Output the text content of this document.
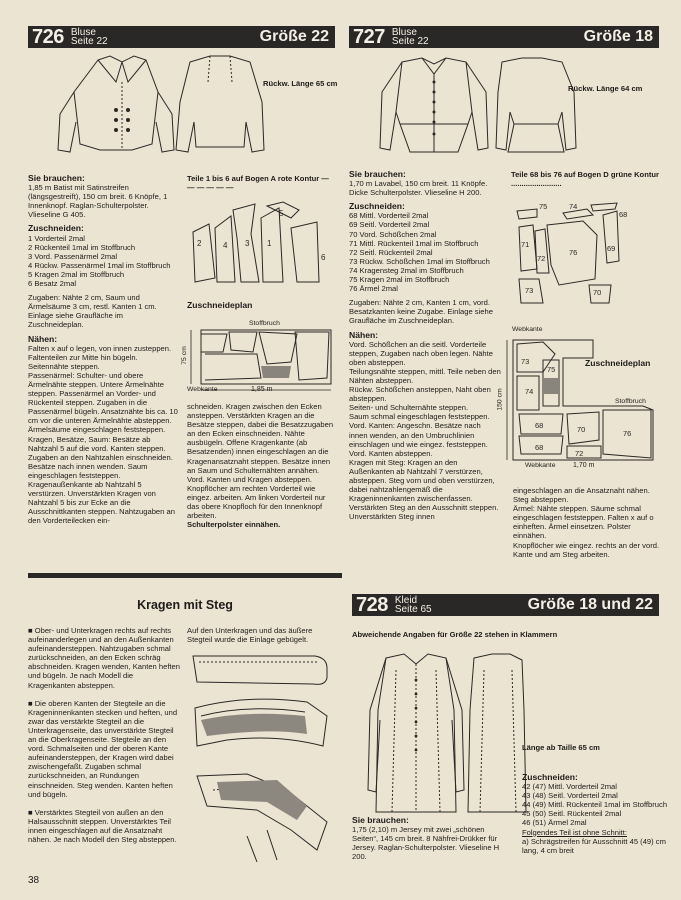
726 Bluse
Seite 22	Größe 22
Rückw. Länge 65 cm

Sie brauchen:

1,85 m Batist mit Satinstreifen (längsgestreift), 150 cm breit. 6 Knöpfe, 1 Innenknopf. Raglan-Schulterpolster. Vlieseline G 405.

Zuschneiden:

1 Vorderteil 2mal

2 Rückenteil 1mal im Stoffbruch

3 Vord. Passenärmel 2mal

4 Rückw. Passenärmel 1mal im Stoffbruch

5 Kragen 2mal im Stoffbruch

6 Besatz 2mal

Zugaben: Nähte 2 cm, Saum und Ärmelsäume 3 cm, restl. Kanten 1 cm. Einlage siehe Graufläche im Zuschneideplan.

Nähen:

Falten x auf o legen, von innen zusteppen. Faltenteilen zur Mitte hin bügeln.

Seitennähte steppen.

Passenärmel: Schulter- und obere Ärmelnähte steppen. Untere Ärmelnähte steppen. Passenärmel an Vorder- und Rückenteil steppen. Zugaben in die Passenärmel bügeln. Ansatznähte bis ca. 10 cm vor die unteren Ärmelnähte absteppen. Ärmelsäume eingeschlagen feststeppen.

Kragen, Besätze, Saum: Besätze ab Nahtzahl 5 auf die vord. Kanten steppen. Zugaben an den Nahtzahlen einschneiden. Besätze nach innen wenden. Saum eingeschlagen feststeppen. Kragenaußenkante ab Nahtzahl 5 verstürzen. Unverstärkten Kragen von Nahtzahl 5 bis zur Ecke an die Ausschnittkanten steppen. Nahtzugaben an den Vorderteilecken ein-

Teile 1 bis 6 auf Bogen A rote Kontur — — — — — —
2	4 3 1
5
6
Zuschneideplan
Stoffbruch
75 cm
Webkante	1,85 m

schneiden. Kragen zwischen den Ecken ansteppen. Verstärkten Kragen an die Besätze steppen, dabei die Besatzzugaben an den Ecken einschneiden. Nähte ausbügeln. Offene Kragenkante (ab Besatzenden) innen eingeschlagen an die Kragenansatznaht steppen. Besätze innen an Saum und Schulternähten annähen. Vord. Kanten und Kragen absteppen.

Knopflöcher am rechten Vorderteil wie eingez. arbeiten. Am linken Vorderteil nur das obere Knopfloch für den Innenknopf arbeiten.

Schulterpolster einnähen.

727 Bluse
Seite 22	Größe 18
Rückw. Länge 64 cm

Sie brauchen:

1,70 m Lavabel, 150 cm breit. 11 Knöpfe. Dicke Schulterpolster. Vlieseline H 200.

Zuschneiden:

68 Mittl. Vorderteil 2mal

69 Seitl. Vorderteil 2mal

70 Vord. Schößchen 2mal

71 Mittl. Rückenteil 1mal im Stoffbruch

72 Seitl. Rückenteil 2mal

73 Rückw. Schößchen 1mal im Stoffbruch

74 Kragensteg 2mal im Stoffbruch

75 Kragen 2mal im Stoffbruch

76 Ärmel 2mal

Zugaben: Nähte 2 cm, Kanten 1 cm, vord. Besatzkanten keine Zugabe. Einlage siehe Graufläche im Zuschneideplan.

Nähen:

Vord. Schößchen an die seitl. Vorderteile steppen, Zugaben nach oben legen. Nähte oben absteppen.

Teilungsnähte steppen, mittl. Teile neben den Nähten absteppen.

Rückw. Schößchen ansteppen, Naht oben absteppen.

Seiten- und Schulternähte steppen.

Saum schmal eingeschlagen feststeppen.

Vord. Kanten: Angeschn. Besätze nach innen wenden, an den Umbruchlinien einschlagen und wie eingez. feststeppen. Vord. Kanten absteppen.

Kragen mit Steg: Kragen an den Außenkanten ab Nahtzahl 7 verstürzen, absteppen. Steg vorn und oben verstürzen, dabei nahtzahlengemäß die Krageninnenkanten zwischenfassen. Verstärkten Steg an den Ausschnitt steppen. Unverstärkten Steg innen

Teile 68 bis 76 auf Bogen D grüne Kontur ........................
75	74
68
71
72
76	69
73	70
Webkante
Zuschneideplan
73
75
74
68
68
70	76
72
150 cm	Stoffbruch
Webkante	1,70 m

eingeschlagen an die Ansatznaht nähen. Steg absteppen.

Ärmel: Nähte steppen. Säume schmal eingeschlagen feststeppen. Falten x auf o einheften. Ärmel einsetzen. Polster einnähen.

Knopflöcher wie eingez. rechts an der vord. Kante und am Steg arbeiten.

Kragen mit Steg

■ Ober- und Unterkragen rechts auf rechts aufeinanderlegen und an den Außenkanten aufeinandersteppen. Nahtzugaben schmal zurückschneiden, an den Ecken schräg abschneiden. Kragen wenden, Kanten heften und bügeln. Je nach Modell die Kragenkanten absteppen.

■ Die oberen Kanten der Stegteile an die Krageninnenkanten stecken und heften, und zwar das verstärkte Stegteil an die Unterkragenseite, das unverstärkte Stegteil an die Oberkragenseite. Stegteile an den vord. Schmalseiten und der oberen Kante aufeinandersteppen, der Kragen wird dabei zwischengefaßt. Zugaben schmal zurückschneiden, an Rundungen einschneiden. Steg wenden. Kanten heften und bügeln.

■ Verstärktes Stegteil von außen an den Halsausschnitt steppen. Unverstärktes Teil innen eingeschlagen auf die Ansatznaht nähen. Je nach Modell den Steg absteppen.

Auf den Unterkragen und das äußere Stegteil wurde die Einlage gebügelt.
728 Kleid
Seite 65	Größe 18 und 22
Abweichende Angaben für Größe 22 stehen in Klammern
Länge ab Taille 65 cm

Sie brauchen:

1,75 (2,10) m Jersey mit zwei „schönen Seiten“, 145 cm breit. 8 Nähfrei-Drükker für Jersey. Raglan-Schulterpolster. Vlieseline H 200.

Zuschneiden:

42 (47) Mittl. Vorderteil 2mal

43 (48) Seitl. Vorderteil 2mal

44 (49) Mittl. Rückenteil 1mal im Stoffbruch

45 (50) Seitl. Rückenteil 2mal

46 (51) Ärmel 2mal

Folgendes Teil ist ohne Schnitt:

a) Schrägstreifen für Ausschnitt 45 (49) cm lang, 4 cm breit

38
